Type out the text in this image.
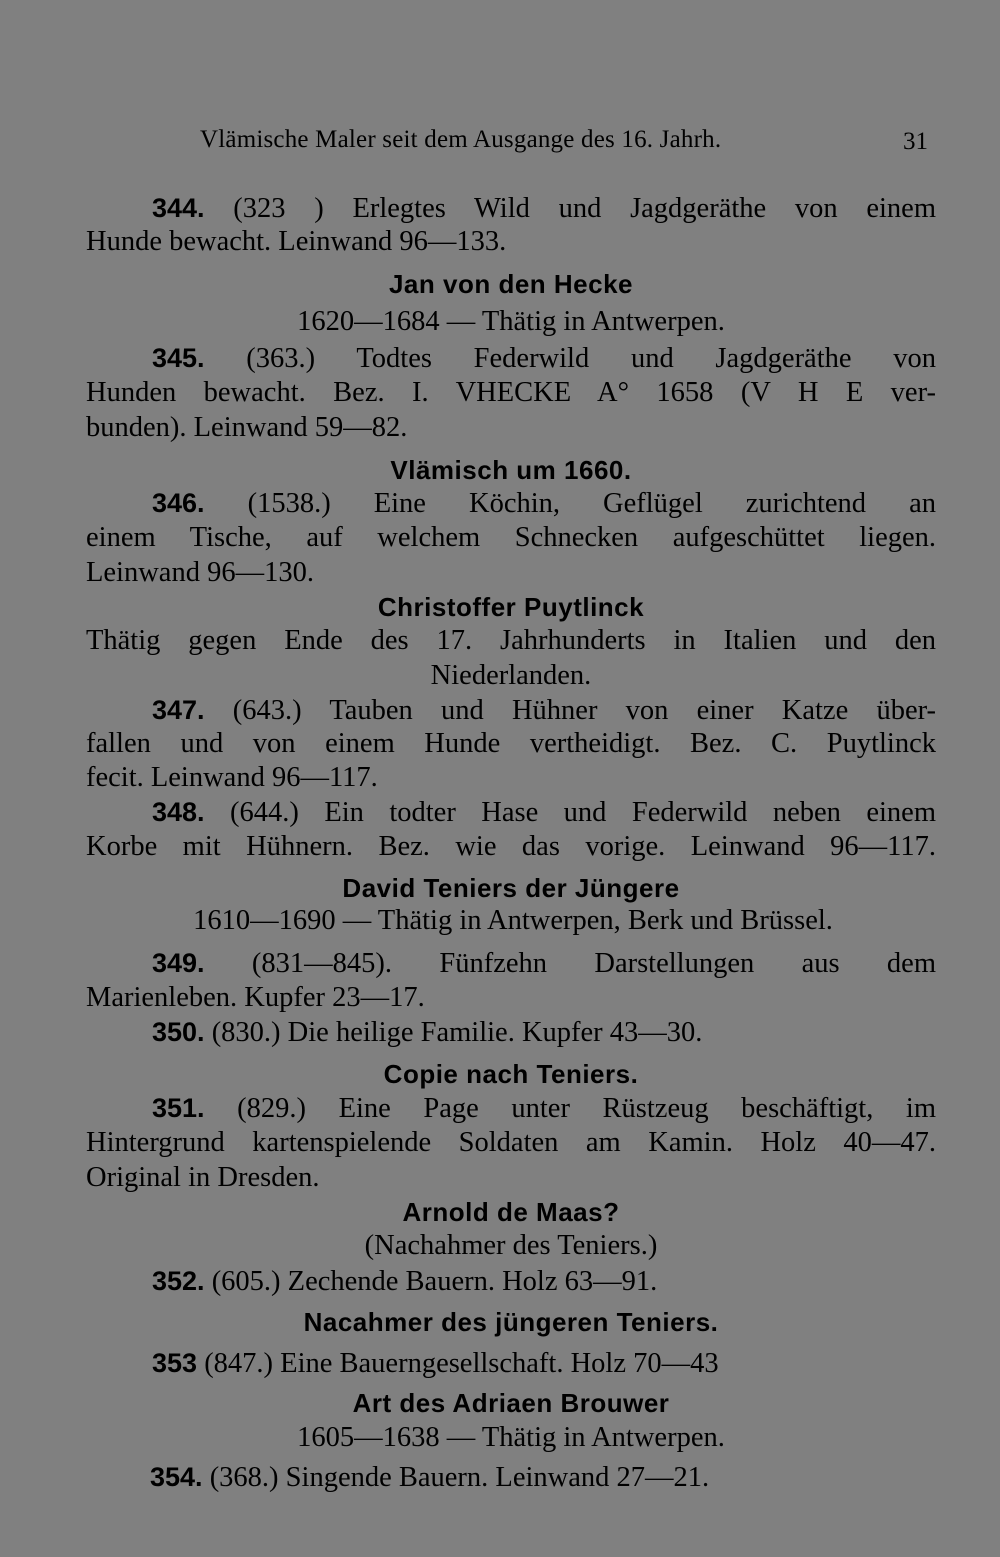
Vlämische Maler seit dem Ausgange des 16. Jahrh.	31
344. (323 ) Erlegtes Wild und Jagdgeräthe von einem
Hunde bewacht. Leinwand 96—133.
Jan von den Hecke
1620—1684 — Thätig in Antwerpen.
345. (363.) Todtes Federwild und Jagdgeräthe von
Hunden bewacht. Bez. I. VHECKE A° 1658 (V H E ver-
bunden). Leinwand 59—82.
Vlämisch um 1660.
346. (1538.) Eine Köchin, Geflügel zurichtend an
einem Tische, auf welchem Schnecken aufgeschüttet liegen.
Leinwand 96—130.
Christoffer Puytlinck
Thätig gegen Ende des 17. Jahrhunderts in Italien und den
Niederlanden.
347. (643.) Tauben und Hühner von einer Katze über-
fallen und von einem Hunde vertheidigt. Bez. C. Puytlinck
fecit. Leinwand 96—117.
348. (644.) Ein todter Hase und Federwild neben einem
Korbe mit Hühnern. Bez. wie das vorige. Leinwand 96—117.
David Teniers der Jüngere
1610—1690 — Thätig in Antwerpen, Berk und Brüssel.
349. (831—845). Fünfzehn Darstellungen aus dem
Marienleben. Kupfer 23—17.
350. (830.) Die heilige Familie. Kupfer 43—30.
Copie nach Teniers.
351. (829.) Eine Page unter Rüstzeug beschäftigt, im
Hintergrund kartenspielende Soldaten am Kamin. Holz 40—47.
Original in Dresden.
Arnold de Maas?
(Nachahmer des Teniers.)
352. (605.) Zechende Bauern. Holz 63—91.
Nacahmer des jüngeren Teniers.
353 (847.) Eine Bauerngesellschaft. Holz 70—43
Art des Adriaen Brouwer
1605—1638 — Thätig in Antwerpen.
354. (368.) Singende Bauern. Leinwand 27—21.
